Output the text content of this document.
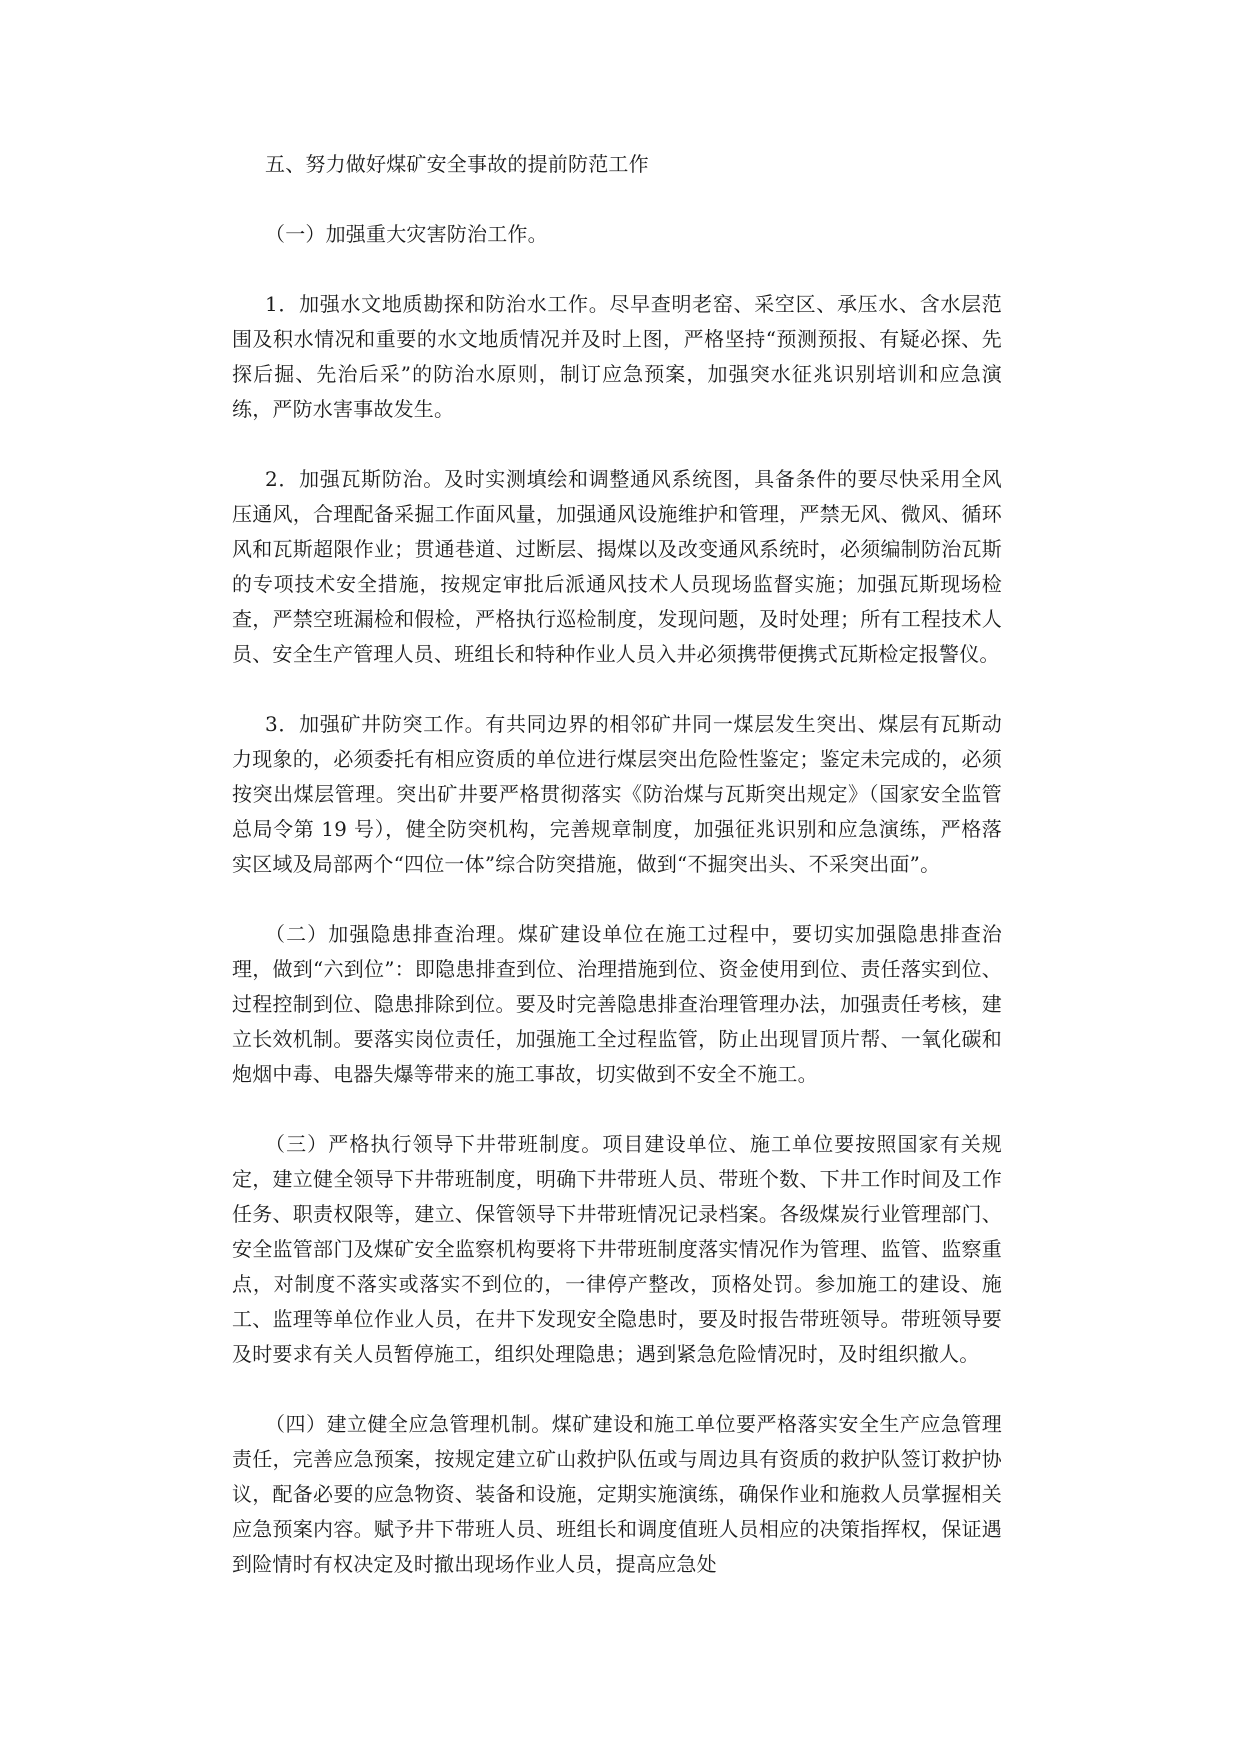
五、努力做好煤矿安全事故的提前防范工作

（一）加强重大灾害防治工作。

1．加强水文地质勘探和防治水工作。尽早查明老窑、采空区、承压水、含水层范围及积水情况和重要的水文地质情况并及时上图，严格坚持“预测预报、有疑必探、先探后掘、先治后采”的防治水原则，制订应急预案，加强突水征兆识别培训和应急演练，严防水害事故发生。

2．加强瓦斯防治。及时实测填绘和调整通风系统图，具备条件的要尽快采用全风压通风，合理配备采掘工作面风量，加强通风设施维护和管理，严禁无风、微风、循环风和瓦斯超限作业；贯通巷道、过断层、揭煤以及改变通风系统时，必须编制防治瓦斯的专项技术安全措施，按规定审批后派通风技术人员现场监督实施；加强瓦斯现场检查，严禁空班漏检和假检，严格执行巡检制度，发现问题，及时处理；所有工程技术人员、安全生产管理人员、班组长和特种作业人员入井必须携带便携式瓦斯检定报警仪。

3．加强矿井防突工作。有共同边界的相邻矿井同一煤层发生突出、煤层有瓦斯动力现象的，必须委托有相应资质的单位进行煤层突出危险性鉴定；鉴定未完成的，必须按突出煤层管理。突出矿井要严格贯彻落实《防治煤与瓦斯突出规定》（国家安全监管总局令第 19 号），健全防突机构，完善规章制度，加强征兆识别和应急演练，严格落实区域及局部两个“四位一体”综合防突措施，做到“不掘突出头、不采突出面”。

（二）加强隐患排查治理。煤矿建设单位在施工过程中，要切实加强隐患排查治理，做到“六到位”：即隐患排查到位、治理措施到位、资金使用到位、责任落实到位、过程控制到位、隐患排除到位。要及时完善隐患排查治理管理办法，加强责任考核，建立长效机制。要落实岗位责任，加强施工全过程监管，防止出现冒顶片帮、一氧化碳和炮烟中毒、电器失爆等带来的施工事故，切实做到不安全不施工。

（三）严格执行领导下井带班制度。项目建设单位、施工单位要按照国家有关规定，建立健全领导下井带班制度，明确下井带班人员、带班个数、下井工作时间及工作任务、职责权限等，建立、保管领导下井带班情况记录档案。各级煤炭行业管理部门、安全监管部门及煤矿安全监察机构要将下井带班制度落实情况作为管理、监管、监察重点，对制度不落实或落实不到位的，一律停产整改，顶格处罚。参加施工的建设、施工、监理等单位作业人员，在井下发现安全隐患时，要及时报告带班领导。带班领导要及时要求有关人员暂停施工，组织处理隐患；遇到紧急危险情况时，及时组织撤人。

（四）建立健全应急管理机制。煤矿建设和施工单位要严格落实安全生产应急管理责任，完善应急预案，按规定建立矿山救护队伍或与周边具有资质的救护队签订救护协议，配备必要的应急物资、装备和设施，定期实施演练，确保作业和施救人员掌握相关应急预案内容。赋予井下带班人员、班组长和调度值班人员相应的决策指挥权，保证遇到险情时有权决定及时撤出现场作业人员，提高应急处
